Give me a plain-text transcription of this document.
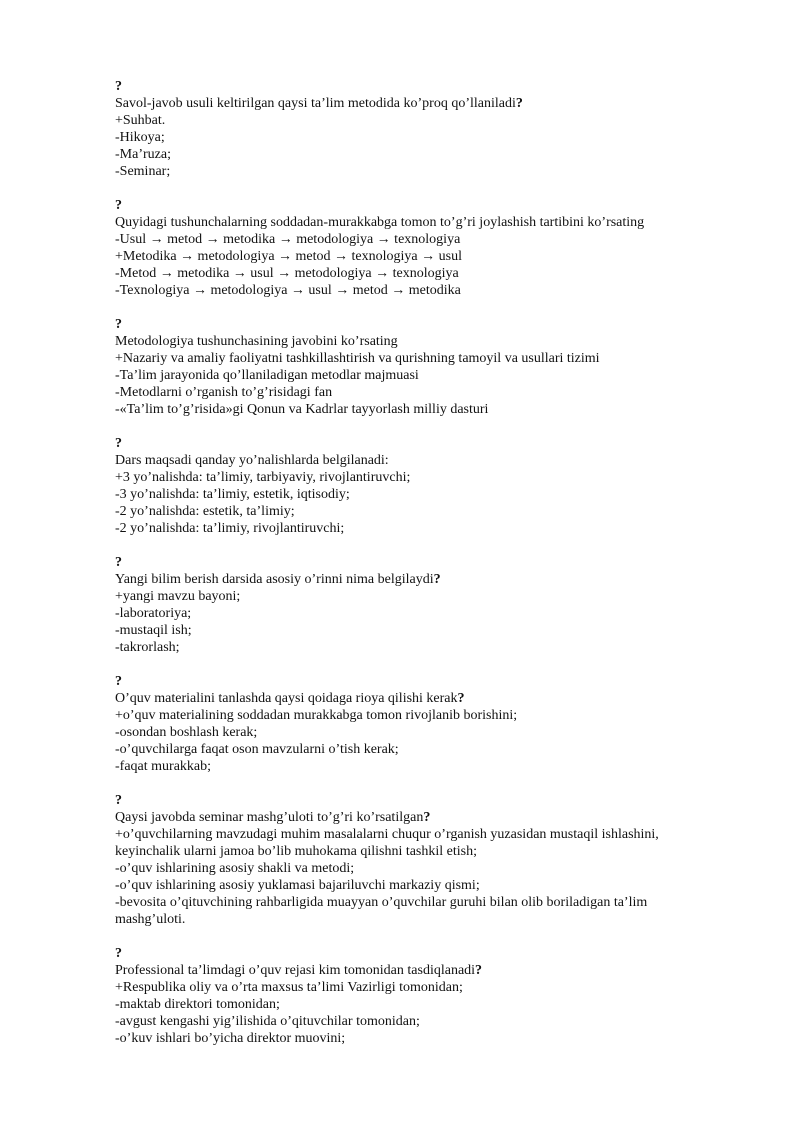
?
Savol-javob usuli keltirilgan qaysi ta’lim metodida ko’proq qo’llaniladi?
+Suhbat.
-Hikoya;
-Ma’ruza;
-Seminar;
?
Quyidagi tushunchalarning soddadan-murakkabga tomon to’g’ri joylashish tartibini ko’rsating
-Usul → metod → metodika → metodologiya → texnologiya
+Metodika → metodologiya → metod → texnologiya → usul
-Metod → metodika → usul → metodologiya → texnologiya
-Texnologiya → metodologiya → usul → metod → metodika
?
Metodologiya tushunchasining javobini ko’rsating
+Nazariy va amaliy faoliyatni tashkillashtirish va qurishning tamoyil va usullari tizimi
-Ta’lim jarayonida qo’llaniladigan metodlar majmuasi
-Metodlarni o’rganish to’g’risidagi fan
-«Ta’lim to’g’risida»gi Qonun va Kadrlar tayyorlash milliy dasturi
?
Dars maqsadi qanday yo’nalishlarda belgilanadi:
+3 yo’nalishda: ta’limiy, tarbiyaviy, rivojlantiruvchi;
-3 yo’nalishda: ta’limiy, estetik, iqtisodiy;
-2 yo’nalishda: estetik, ta’limiy;
-2 yo’nalishda: ta’limiy, rivojlantiruvchi;
?
Yangi bilim berish darsida asosiy o’rinni nima belgilaydi?
+yangi mavzu bayoni;
-laboratoriya;
-mustaqil ish;
-takrorlash;
?
O’quv materialini tanlashda qaysi qoidaga rioya qilishi kerak?
+o’quv materialining soddadan murakkabga tomon rivojlanib borishini;
-osondan boshlash kerak;
-o’quvchilarga faqat oson mavzularni o’tish kerak;
-faqat murakkab;
?
Qaysi javobda seminar mashg’uloti to’g’ri ko’rsatilgan?
+o’quvchilarning mavzudagi muhim masalalarni chuqur o’rganish yuzasidan mustaqil ishlashini,
keyinchalik ularni jamoa bo’lib muhokama qilishni tashkil etish;
-o’quv ishlarining asosiy shakli va metodi;
-o’quv ishlarining asosiy yuklamasi bajariluvchi markaziy qismi;
-bevosita o’qituvchining rahbarligida muayyan o’quvchilar guruhi bilan olib boriladigan ta’lim
mashg’uloti.
?
Professional ta’limdagi o’quv rejasi kim tomonidan tasdiqlanadi?
+Respublika oliy va o’rta maxsus ta’limi Vazirligi tomonidan;
-maktab direktori tomonidan;
-avgust kengashi yig’ilishida o’qituvchilar tomonidan;
-o’kuv ishlari bo’yicha direktor muovini;
